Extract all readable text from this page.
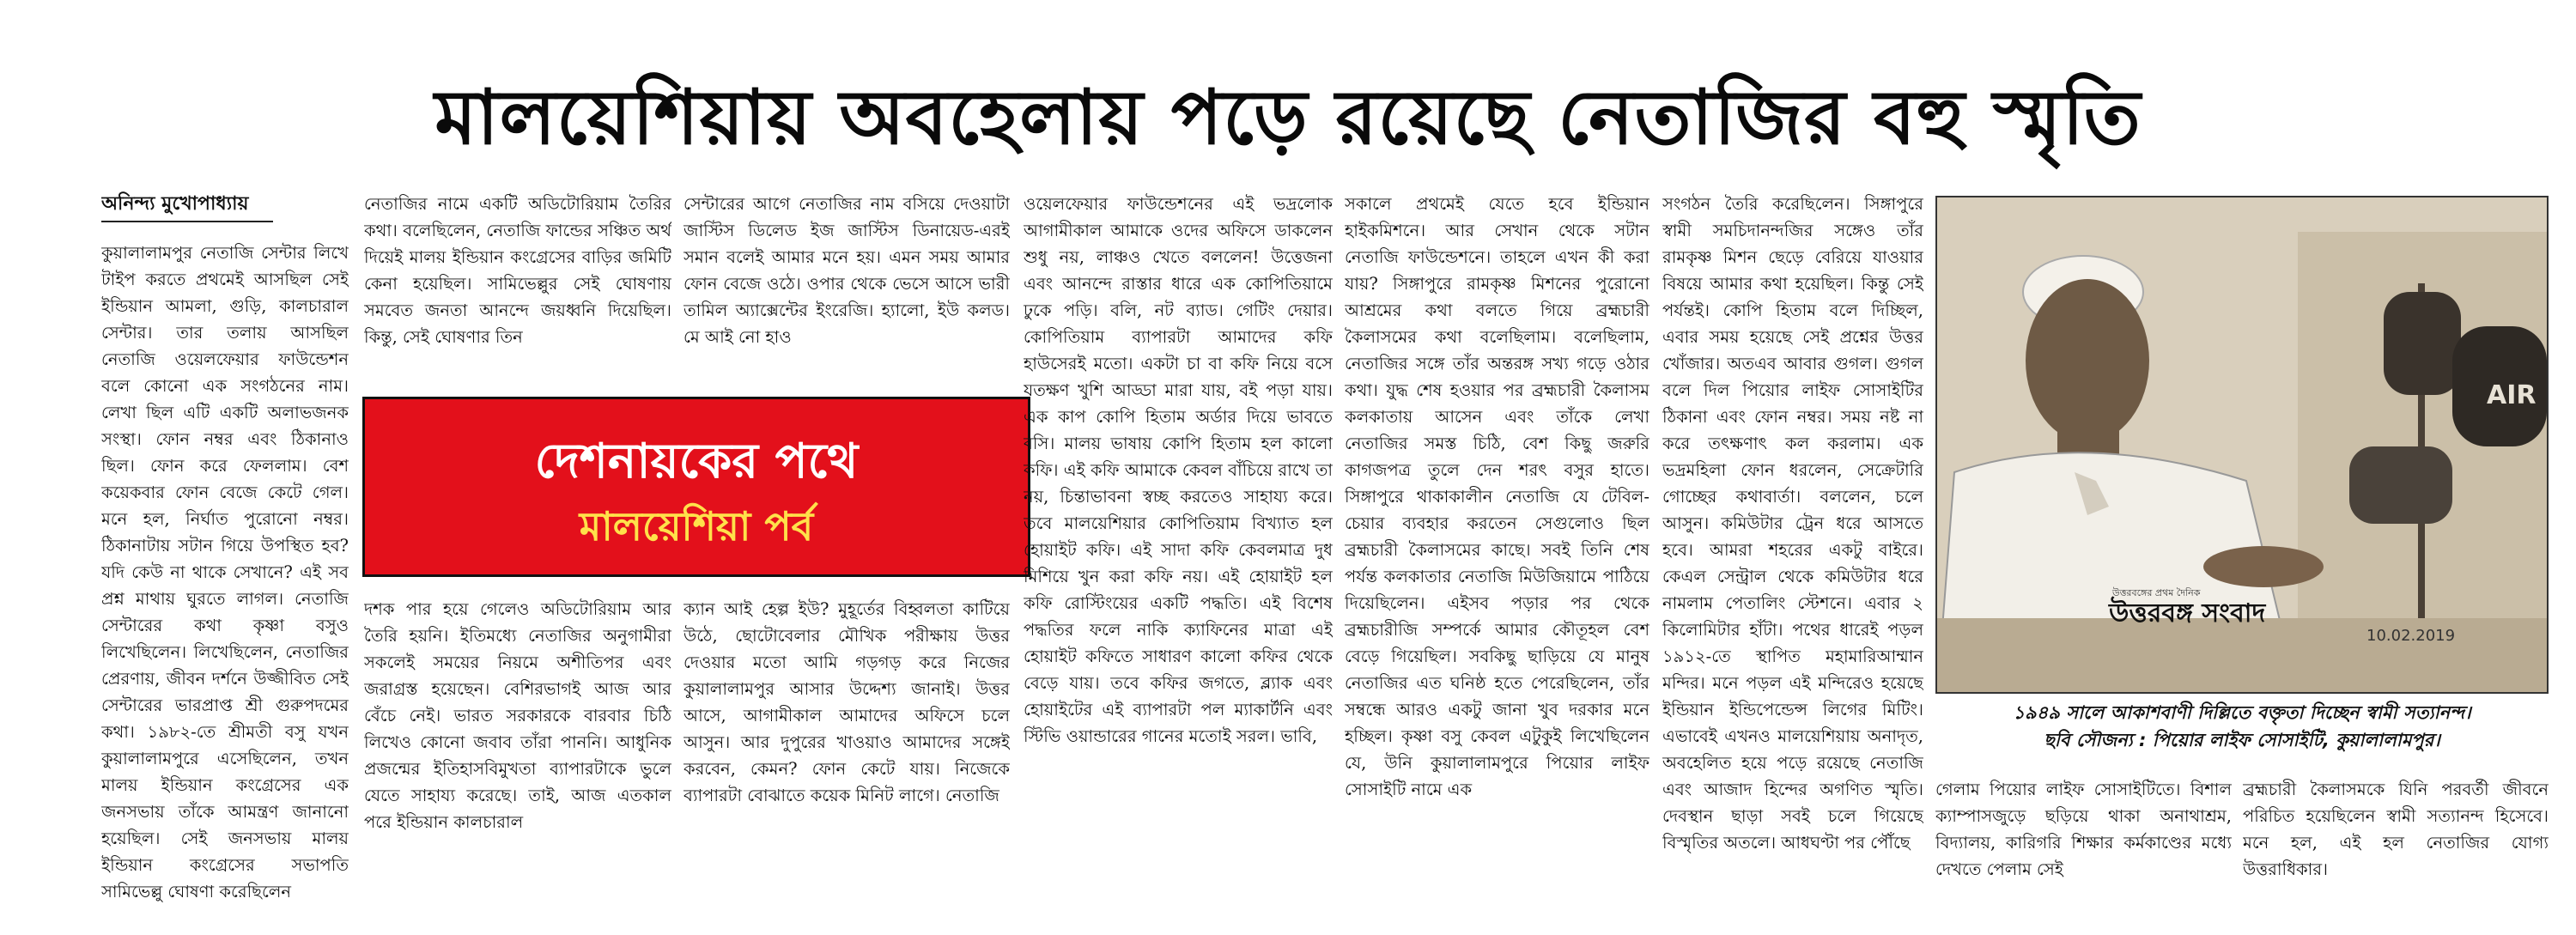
মালয়েশিয়ায় অবহেলায় পড়ে রয়েছে নেতাজির বহু স্মৃতি
অনিন্দ্য মুখোপাধ্যায়

কুয়ালালামপুর নেতাজি সেন্টার লিখে টাইপ করতে প্রথমেই আসছিল সেই ইন্ডিয়ান আমলা, গুড়ি, কালচারাল সেন্টার। তার তলায় আসছিল নেতাজি ওয়েলফেয়ার ফাউন্ডেশন বলে কোনো এক সংগঠনের নাম। লেখা ছিল এটি একটি অলাভজনক সংস্থা। ফোন নম্বর এবং ঠিকানাও ছিল। ফোন করে ফেললাম। বেশ কয়েকবার ফোন বেজে কেটে গেল। মনে হল, নির্ঘাত পুরোনো নম্বর। ঠিকানাটায় সটান গিয়ে উপস্থিত হব? যদি কেউ না থাকে সেখানে? এই সব প্রশ্ন মাথায় ঘুরতে লাগল। নেতাজি সেন্টারের কথা কৃষ্ণা বসুও লিখেছিলেন। লিখেছিলেন, নেতাজির প্রেরণায়, জীবন দর্শনে উজ্জীবিত সেই সেন্টারের ভারপ্রাপ্ত শ্রী গুরুপদমের কথা। ১৯৮২-তে শ্রীমতী বসু যখন কুয়ালালামপুরে এসেছিলেন, তখন মালয় ইন্ডিয়ান কংগ্রেসের এক জনসভায় তাঁকে আমন্ত্রণ জানানো হয়েছিল। সেই জনসভায় মালয় ইন্ডিয়ান কংগ্রেসের সভাপতি সামিভেল্লু ঘোষণা করেছিলেন

নেতাজির নামে একটি অডিটোরিয়াম তৈরির কথা। বলেছিলেন, নেতাজি ফান্ডের সঞ্চিত অর্থ দিয়েই মালয় ইন্ডিয়ান কংগ্রেসের বাড়ির জমিটি কেনা হয়েছিল। সামিভেল্লুর সেই ঘোষণায় সমবেত জনতা আনন্দে জয়ধ্বনি দিয়েছিল। কিন্তু, সেই ঘোষণার তিন

সেন্টারের আগে নেতাজির নাম বসিয়ে দেওয়াটা জাস্টিস ডিলেড ইজ জাস্টিস ডিনায়েড-এরই সমান বলেই আমার মনে হয়। এমন সময় আমার ফোন বেজে ওঠে। ওপার থেকে ভেসে আসে ভারী তামিল অ্যাক্সেন্টের ইংরেজি। হ্যালো, ইউ কলড। মে আই নো হাও

দেশনায়কের পথে
মালয়েশিয়া পর্ব

দশক পার হয়ে গেলেও অডিটোরিয়াম আর তৈরি হয়নি। ইতিমধ্যে নেতাজির অনুগামীরা সকলেই সময়ের নিয়মে অশীতিপর এবং জরাগ্রস্ত হয়েছেন। বেশিরভাগই আজ আর বেঁচে নেই। ভারত সরকারকে বারবার চিঠি লিখেও কোনো জবাব তাঁরা পাননি। আধুনিক প্রজন্মের ইতিহাসবিমুখতা ব্যাপারটাকে ভুলে যেতে সাহায্য করেছে। তাই, আজ এতকাল পরে ইন্ডিয়ান কালচারাল

ক্যান আই হেল্প ইউ? মুহূর্তের বিহ্বলতা কাটিয়ে উঠে, ছোটোবেলার মৌখিক পরীক্ষায় উত্তর দেওয়ার মতো আমি গড়গড় করে নিজের কুয়ালালামপুর আসার উদ্দেশ্য জানাই। উত্তর আসে, আগামীকাল আমাদের অফিসে চলে আসুন। আর দুপুরের খাওয়াও আমাদের সঙ্গেই করবেন, কেমন? ফোন কেটে যায়। নিজেকে ব্যাপারটা বোঝাতে কয়েক মিনিট লাগে। নেতাজি

ওয়েলফেয়ার ফাউন্ডেশনের এই ভদ্রলোক আগামীকাল আমাকে ওদের অফিসে ডাকলেন শুধু নয়, লাঞ্চও খেতে বললেন! উত্তেজনা এবং আনন্দে রাস্তার ধারে এক কোপিতিয়ামে ঢুকে পড়ি। বলি, নট ব্যাড। গেটিং দেয়ার। কোপিতিয়াম ব্যাপারটা আমাদের কফি হাউসেরই মতো। একটা চা বা কফি নিয়ে বসে যতক্ষণ খুশি আড্ডা মারা যায়, বই পড়া যায়। এক কাপ কোপি হিতাম অর্ডার দিয়ে ভাবতে বসি। মালয় ভাষায় কোপি হিতাম হল কালো কফি। এই কফি আমাকে কেবল বাঁচিয়ে রাখে তা নয়, চিন্তাভাবনা স্বচ্ছ করতেও সাহায্য করে। তবে মালয়েশিয়ার কোপিতিয়াম বিখ্যাত হল হোয়াইট কফি। এই সাদা কফি কেবলমাত্র দুধ মিশিয়ে খুন করা কফি নয়। এই হোয়াইট হল কফি রোস্টিংয়ের একটি পদ্ধতি। এই বিশেষ পদ্ধতির ফলে নাকি ক্যাফিনের মাত্রা এই হোয়াইট কফিতে সাধারণ কালো কফির থেকে বেড়ে যায়। তবে কফির জগতে, ব্ল্যাক এবং হোয়াইটের এই ব্যাপারটা পল ম্যাকার্টনি এবং স্টিভি ওয়ান্ডারের গানের মতোই সরল। ভাবি,

সকালে প্রথমেই যেতে হবে ইন্ডিয়ান হাইকমিশনে। আর সেখান থেকে সটান নেতাজি ফাউন্ডেশনে। তাহলে এখন কী করা যায়? সিঙ্গাপুরে রামকৃষ্ণ মিশনের পুরোনো আশ্রমের কথা বলতে গিয়ে ব্রহ্মচারী কৈলাসমের কথা বলেছিলাম। বলেছিলাম, নেতাজির সঙ্গে তাঁর অন্তরঙ্গ সখ্য গড়ে ওঠার কথা। যুদ্ধ শেষ হওয়ার পর ব্রহ্মচারী কৈলাসম কলকাতায় আসেন এবং তাঁকে লেখা নেতাজির সমস্ত চিঠি, বেশ কিছু জরুরি কাগজপত্র তুলে দেন শরৎ বসুর হাতে। সিঙ্গাপুরে থাকাকালীন নেতাজি যে টেবিল-চেয়ার ব্যবহার করতেন সেগুলোও ছিল ব্রহ্মচারী কৈলাসমের কাছে। সবই তিনি শেষ পর্যন্ত কলকাতার নেতাজি মিউজিয়ামে পাঠিয়ে দিয়েছিলেন। এইসব পড়ার পর থেকে ব্রহ্মচারীজি সম্পর্কে আমার কৌতূহল বেশ বেড়ে গিয়েছিল। সবকিছু ছাড়িয়ে যে মানুষ নেতাজির এত ঘনিষ্ঠ হতে পেরেছিলেন, তাঁর সম্বন্ধে আরও একটু জানা খুব দরকার মনে হচ্ছিল। কৃষ্ণা বসু কেবল এটুকুই লিখেছিলেন যে, উনি কুয়ালালামপুরে পিয়োর লাইফ সোসাইটি নামে এক

সংগঠন তৈরি করেছিলেন। সিঙ্গাপুরে স্বামী সমচিদানন্দজির সঙ্গেও তাঁর রামকৃষ্ণ মিশন ছেড়ে বেরিয়ে যাওয়ার বিষয়ে আমার কথা হয়েছিল। কিন্তু সেই পর্যন্তই। কোপি হিতাম বলে দিচ্ছিল, এবার সময় হয়েছে সেই প্রশ্নের উত্তর খোঁজার। অতএব আবার গুগল। গুগল বলে দিল পিয়োর লাইফ সোসাইটির ঠিকানা এবং ফোন নম্বর। সময় নষ্ট না করে তৎক্ষণাৎ কল করলাম। এক ভদ্রমহিলা ফোন ধরলেন, সেক্রেটারি গোচ্ছের কথাবার্তা। বললেন, চলে আসুন। কমিউটার ট্রেন ধরে আসতে হবে। আমরা শহরের একটু বাইরে। কেএল সেন্ট্রাল থেকে কমিউটার ধরে নামলাম পেতালিং স্টেশনে। এবার ২ কিলোমিটার হাঁটা। পথের ধারেই পড়ল ১৯১২-তে স্থাপিত মহামারিআম্মান মন্দির। মনে পড়ল এই মন্দিরেও হয়েছে ইন্ডিয়ান ইন্ডিপেন্ডেন্স লিগের মিটিং। এভাবেই এখনও মালয়েশিয়ায় অনাদৃত, অবহেলিত হয়ে পড়ে রয়েছে নেতাজি এবং আজাদ হিন্দের অগণিত স্মৃতি। দেবস্থান ছাড়া সবই চলে গিয়েছে বিস্মৃতির অতলে। আধঘণ্টা পর পৌঁছে

AIR
উত্তরবঙ্গের প্রথম দৈনিক
উত্তরবঙ্গ সংবাদ
10.02.2019
১৯৪৯ সালে আকাশবাণী দিল্লিতে বক্তৃতা দিচ্ছেন স্বামী সত্যানন্দ।
ছবি সৌজন্য : পিয়োর লাইফ সোসাইটি, কুয়ালালামপুর।

গেলাম পিয়োর লাইফ সোসাইটিতে। বিশাল ক্যাম্পাসজুড়ে ছড়িয়ে থাকা অনাথাশ্রম, বিদ্যালয়, কারিগরি শিক্ষার কর্মকাণ্ডের মধ্যে দেখতে পেলাম সেই

ব্রহ্মচারী কৈলাসমকে যিনি পরবর্তী জীবনে পরিচিত হয়েছিলেন স্বামী সত্যানন্দ হিসেবে। মনে হল, এই হল নেতাজির যোগ্য উত্তরাধিকার।
